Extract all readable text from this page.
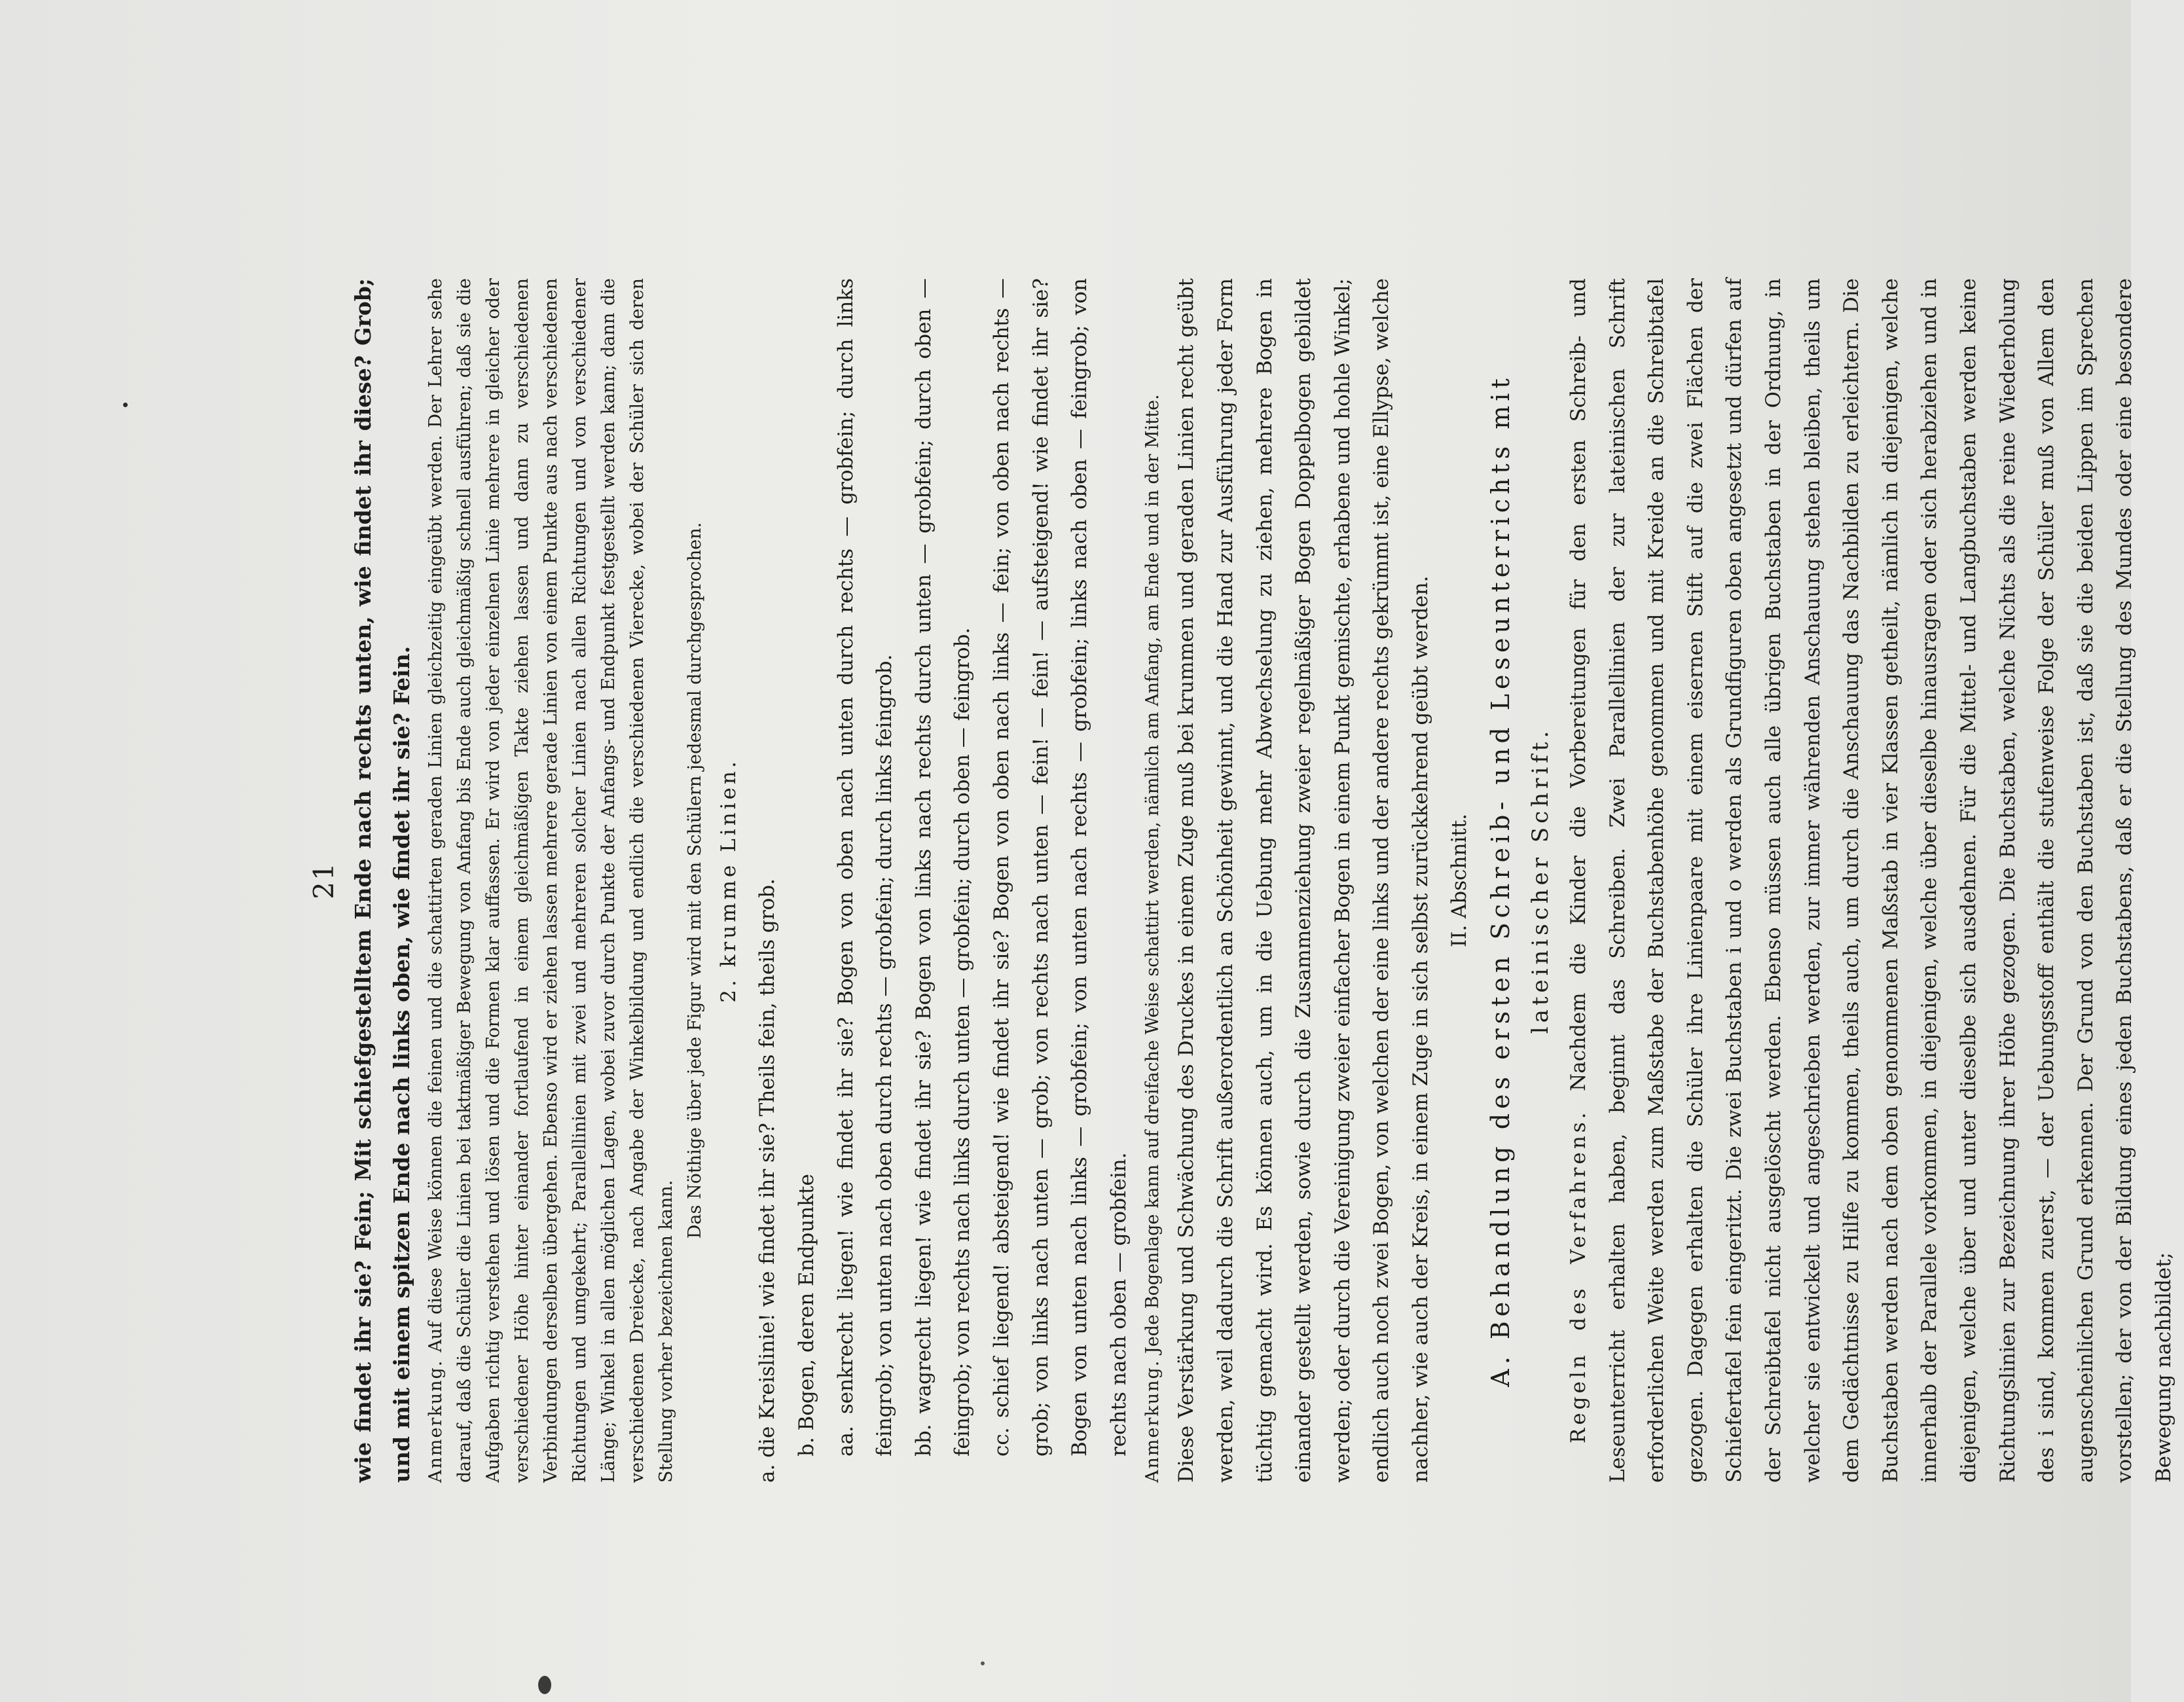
21 wie findet ihr sie? Fein; Mit schiefgestelltem Ende nach rechts unten, wie findet ihr diese? Grob; und mit einem spitzen Ende nach links oben, wie findet ihr sie? Fein. Anmerkung. Auf diese Weise können die feinen und die schattirten geraden Linien gleichzeitig eingeübt werden. Der Lehrer sehe darauf, daß die Schüler die Linien bei taktmäßiger Bewegung von Anfang bis Ende auch gleichmäßig schnell ausführen; daß sie die Aufgaben richtig verstehen und lösen und die Formen klar auffassen. Er wird von jeder einzelnen Linie mehrere in gleicher oder verschiedener Höhe hinter einander fortlaufend in einem gleichmäßigen Takte ziehen lassen und dann zu verschiedenen Verbindungen derselben übergehen. Ebenso wird er ziehen lassen mehrere gerade Linien von einem Punkte aus nach verschiedenen Richtungen und umgekehrt; Parallellinien mit zwei und mehreren solcher Linien nach allen Richtungen und von verschiedener Länge; Winkel in allen möglichen Lagen, wobei zuvor durch Punkte der Anfangs- und Endpunkt festgestellt werden kann; dann die verschiedenen Dreiecke, nach Angabe der Winkelbildung und endlich die verschiedenen Vierecke, wobei der Schüler sich deren Stellung vorher bezeichnen kann.

Das Nöthige über jede Figur wird mit den Schülern jedesmal durchgesprochen. 2. krumme Linien. a. die Kreislinie! wie findet ihr sie? Theils fein, theils grob. b. Bogen, deren Endpunkte aa. senkrecht liegen! wie findet ihr sie? Bogen von oben nach unten durch rechts — grobfein; durch links feingrob; von unten nach oben durch rechts — grobfein; durch links feingrob. bb. wagrecht liegen! wie findet ihr sie? Bogen von links nach rechts durch unten — grobfein; durch oben — feingrob; von rechts nach links durch unten — grobfein; durch oben — feingrob. cc. schief liegend! absteigend! wie findet ihr sie? Bogen von oben nach links — fein; von oben nach rechts — grob; von links nach unten — grob; von rechts nach unten — fein! — fein! — aufsteigend! wie findet ihr sie? Bogen von unten nach links — grobfein; von unten nach rechts — grobfein; links nach oben — feingrob; von rechts nach oben — grobfein. Anmerkung. Jede Bogenlage kann auf dreifache Weise schattirt werden, nämlich am Anfang, am Ende und in der Mitte. Diese Verstärkung und Schwächung des Druckes in einem Zuge muß bei krummen und geraden Linien recht geübt werden, weil dadurch die Schrift außerordentlich an Schönheit gewinnt, und die Hand zur Ausführung jeder Form tüchtig gemacht wird. Es können auch, um in die Uebung mehr Abwechselung zu ziehen, mehrere Bogen in einander gestellt werden, sowie durch die Zusammenziehung zweier regelmäßiger Bogen Doppelbogen gebildet werden; oder durch die Vereinigung zweier einfacher Bogen in einem Punkt gemischte, erhabene und hohle Winkel; endlich auch noch zwei Bogen, von welchen der eine links und der andere rechts gekrümmt ist, eine Ellypse, welche nachher, wie auch der Kreis, in einem Zuge in sich selbst zurückkehrend geübt werden. II. Abschnitt. A. Behandlung des ersten Schreib- und Leseunterrichts mit lateinischer Schrift.

Regeln des Verfahrens. Nachdem die Kinder die Vorbereitungen für den ersten Schreib- und Leseunterricht erhalten haben, beginnt das Schreiben. Zwei Parallellinien der zur lateinischen Schrift erforderlichen Weite werden zum Maßstabe der Buchstabenhöhe genommen und mit Kreide an die Schreibtafel gezogen. Dagegen erhalten die Schüler ihre Linienpaare mit einem eisernen Stift auf die zwei Flächen der Schiefertafel fein eingeritzt. Die zwei Buchstaben i und o werden als Grundfiguren oben angesetzt und dürfen auf der Schreibtafel nicht ausgelöscht werden. Ebenso müssen auch alle übrigen Buchstaben in der Ordnung, in welcher sie entwickelt und angeschrieben werden, zur immer währenden Anschauung stehen bleiben, theils um dem Gedächtnisse zu Hilfe zu kommen, theils auch, um durch die Anschauung das Nachbilden zu erleichtern. Die Buchstaben werden nach dem oben genommenen Maßstab in vier Klassen getheilt, nämlich in diejenigen, welche innerhalb der Parallele vorkommen, in diejenigen, welche über dieselbe hinausragen oder sich herabziehen und in diejenigen, welche über und unter dieselbe sich ausdehnen. Für die Mittel- und Langbuchstaben werden keine Richtungslinien zur Bezeichnung ihrer Höhe gezogen. Die Buchstaben, welche Nichts als die reine Wiederholung des i sind, kommen zuerst, — der Uebungsstoff enthält die stufenweise Folge der Schüler muß von Allem den augenscheinlichen Grund erkennen. Der Grund von den Buchstaben ist, daß sie die beiden Lippen im Sprechen vorstellen; der von der Bildung eines jeden Buchstabens, daß er die Stellung des Mundes oder eine besondere Bewegung nachbildet;
